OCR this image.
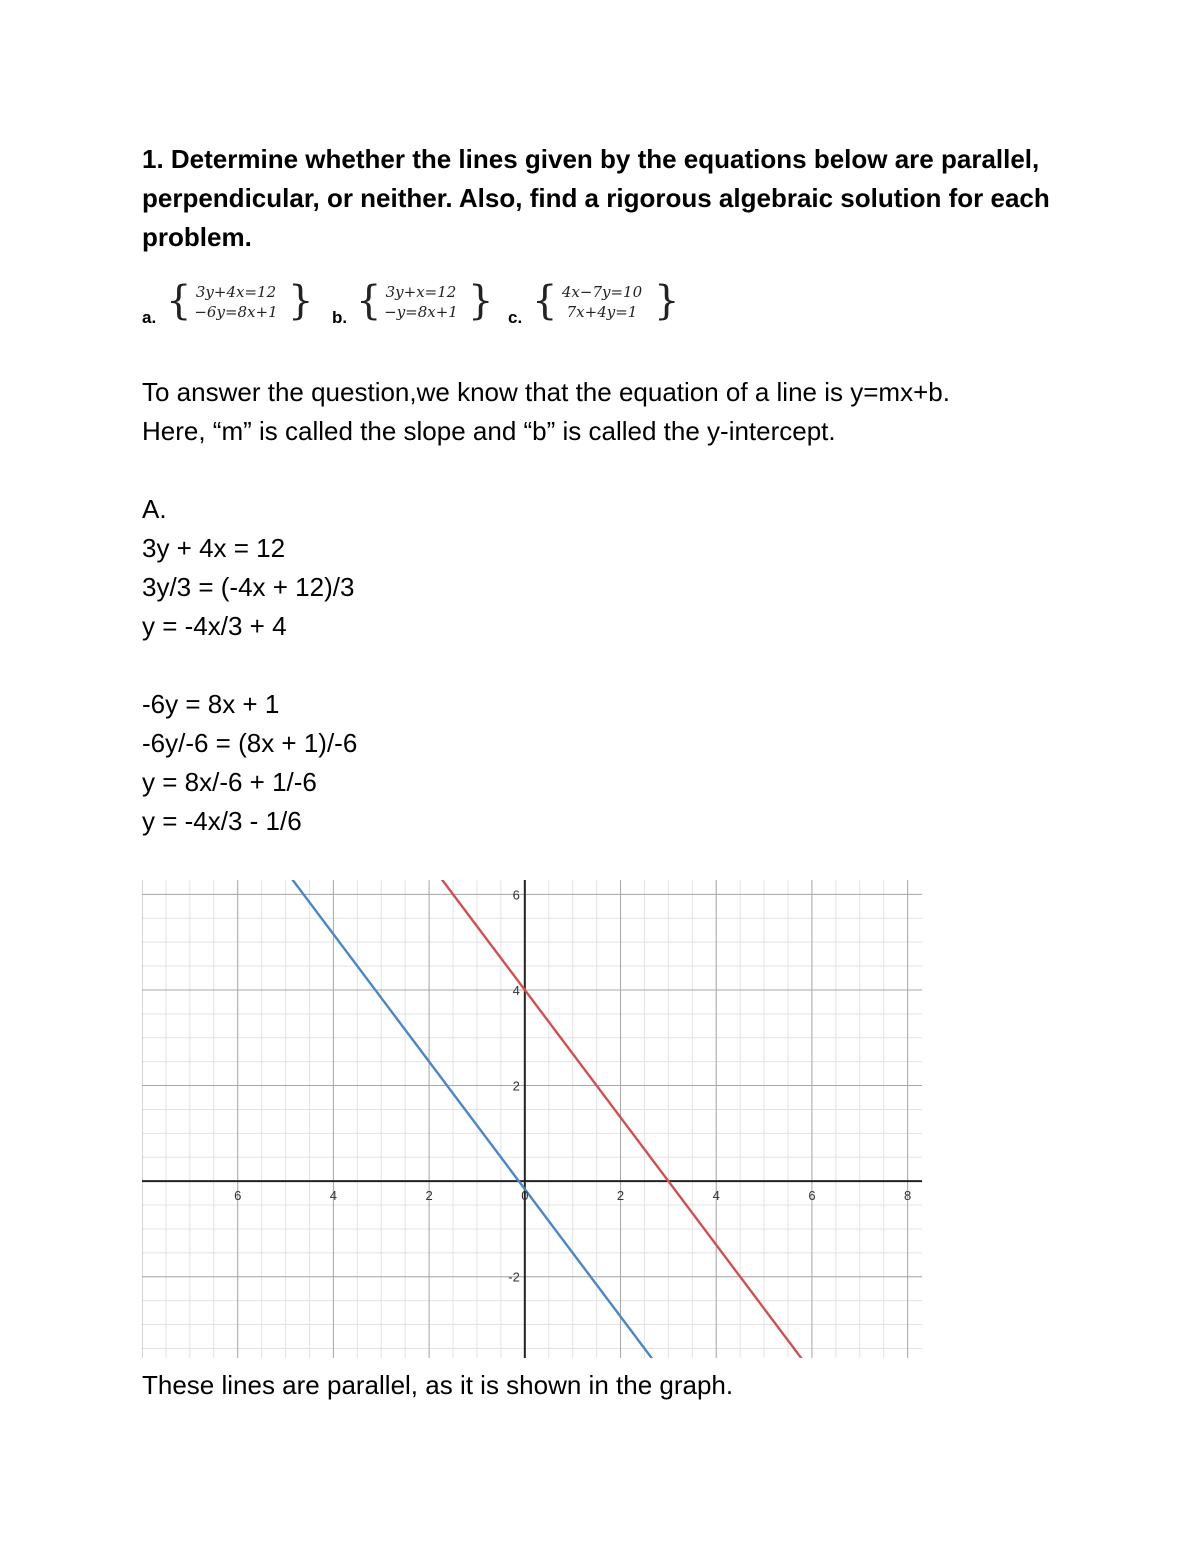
1. Determine whether the lines given by the equations below are parallel, perpendicular, or neither. Also, find a rigorous algebraic solution for each problem.

a. { 3y+4x=12
−6y=8x+1 } b. { 3y+x=12
−y=8x+1 } c. { 4x−7y=10
7x+4y=1 }

To answer the question,we know that the equation of a line is y=mx+b.
Here, “m” is called the slope and “b” is called the y-intercept.

A.
3y + 4x = 12
3y/3 = (-4x + 12)/3
y = -4x/3 + 4

-6y = 8x + 1
-6y/-6 = (8x + 1)/-6
y = 8x/-6 + 1/-6
y = -4x/3 - 1/6

6	4	2	0	2	4	6	8
6
4
2
-2

These lines are parallel, as it is shown in the graph.
